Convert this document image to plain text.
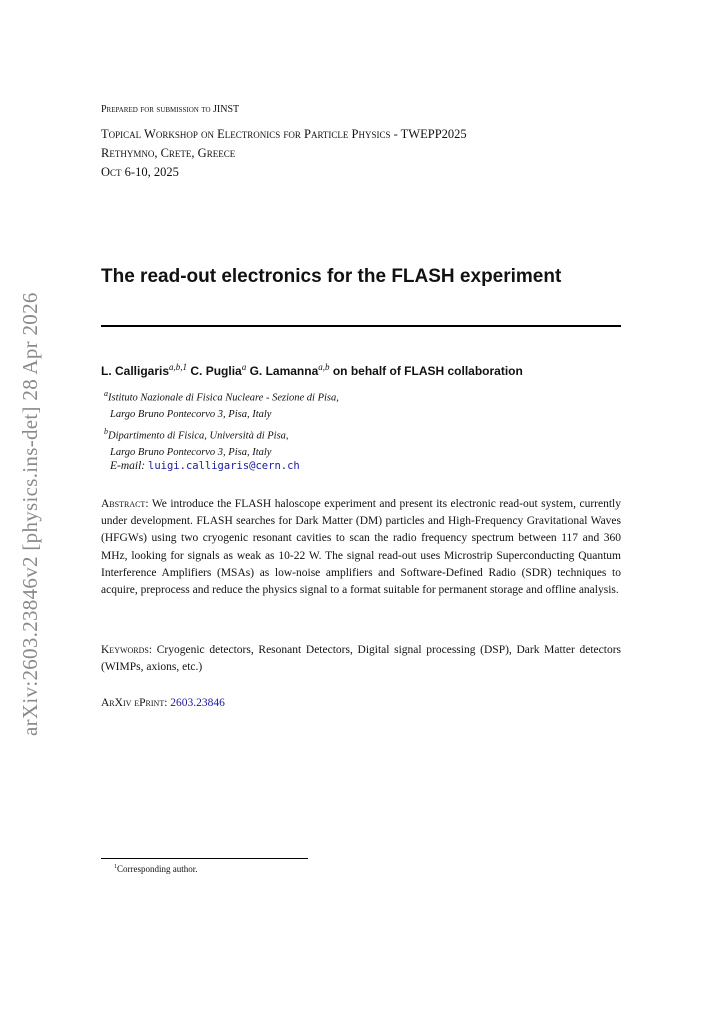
arXiv:2603.23846v2 [physics.ins-det] 28 Apr 2026
Prepared for submission to JINST
Topical Workshop on Electronics for Particle Physics - TWEPP2025
Rethymno, Crete, Greece
Oct 6-10, 2025
The read-out electronics for the FLASH experiment
L. Calligaris$^{a,b,1}$ C. Puglia$^a$ G. Lamanna$^{a,b}$ on behalf of FLASH collaboration
$^a$Istituto Nazionale di Fisica Nucleare - Sezione di Pisa,
Largo Bruno Pontecorvo 3, Pisa, Italy
$^b$Dipartimento di Fisica, Università di Pisa,
Largo Bruno Pontecorvo 3, Pisa, Italy
E-mail: luigi.calligaris@cern.ch

Abstract: We introduce the FLASH haloscope experiment and present its electronic read-out system, currently under development. FLASH searches for Dark Matter (DM) particles and High-Frequency Gravitational Waves (HFGWs) using two cryogenic resonant cavities to scan the radio frequency spectrum between 117 and 360 MHz, looking for signals as weak as 10-22 W. The signal read-out uses Microstrip Superconducting Quantum Interference Amplifiers (MSAs) as low-noise amplifiers and Software-Defined Radio (SDR) techniques to acquire, preprocess and reduce the physics signal to a format suitable for permanent storage and offline analysis.

Keywords: Cryogenic detectors, Resonant Detectors, Digital signal processing (DSP), Dark Matter detectors (WIMPs, axions, etc.)

ArXiv ePrint: 2603.23846
$^1$Corresponding author.
